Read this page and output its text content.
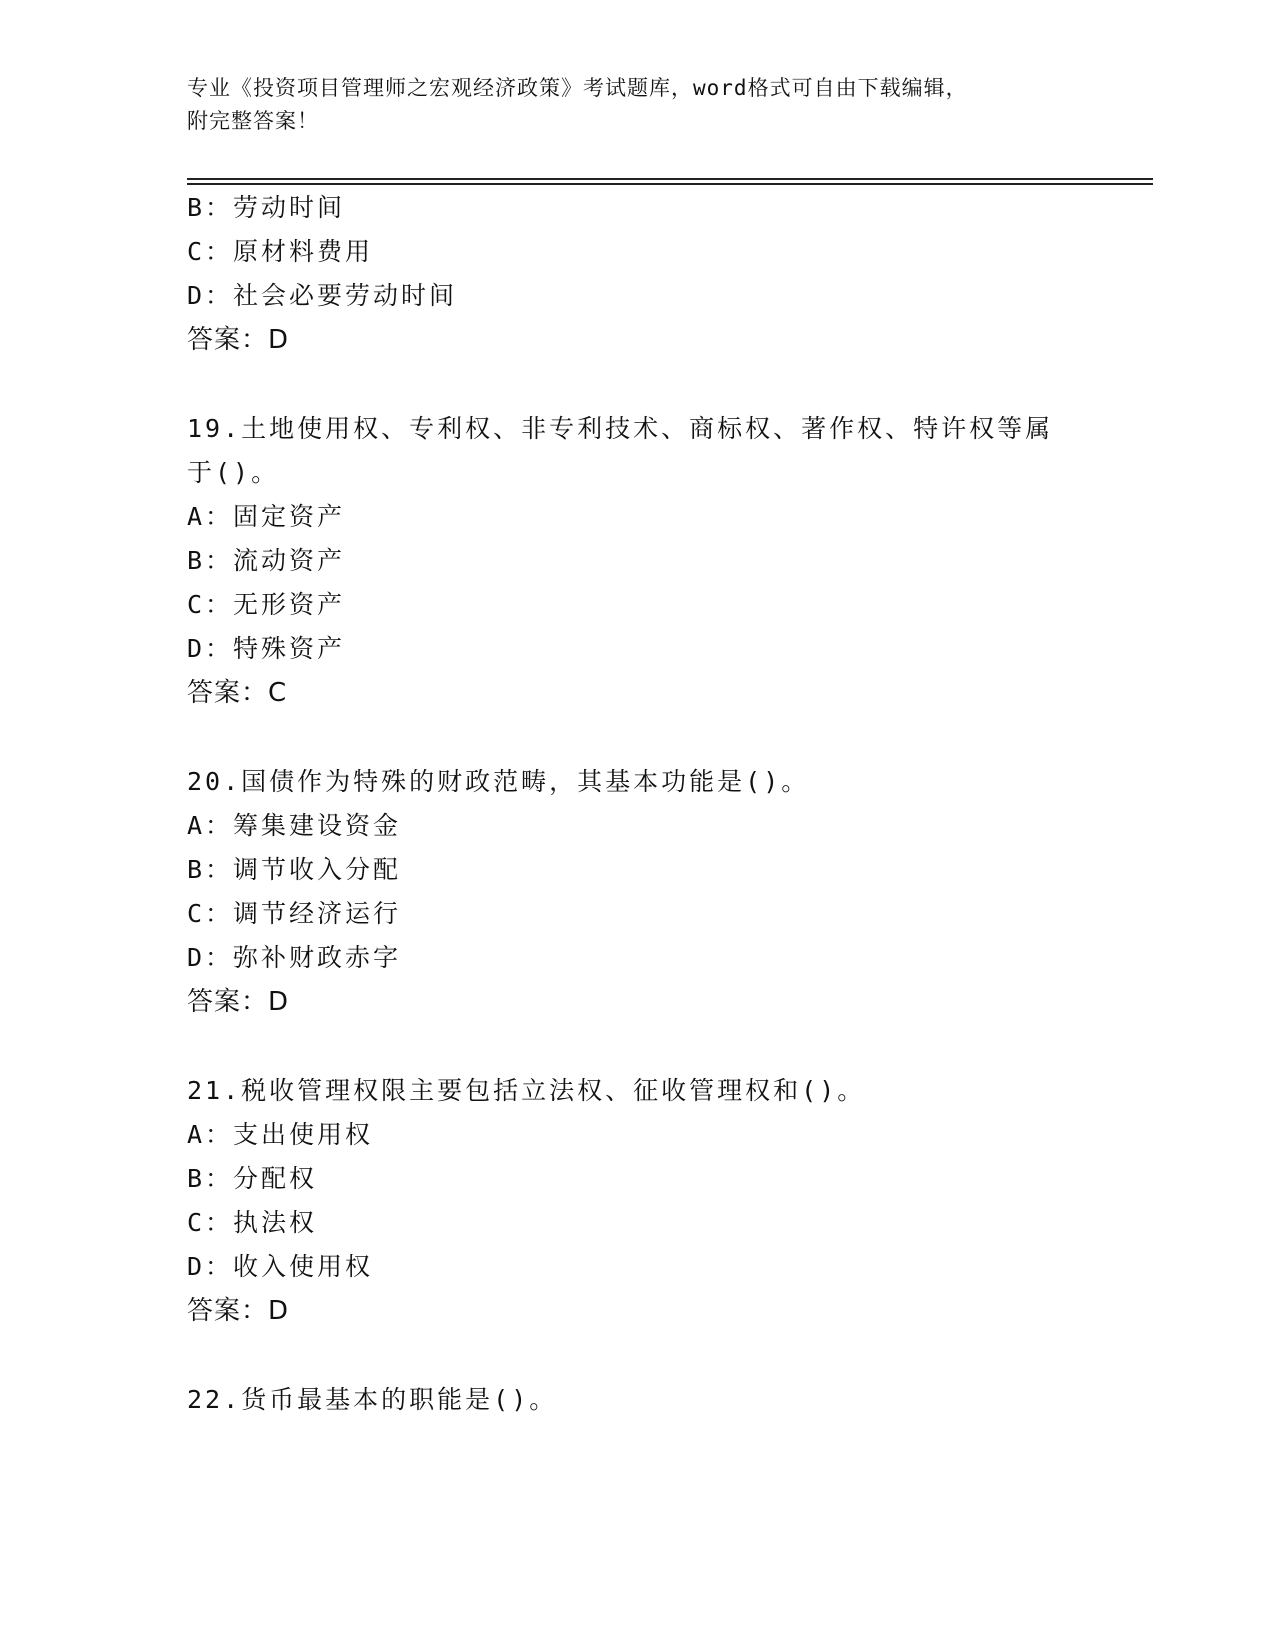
专业《投资项目管理师之宏观经济政策》考试题库，word格式可自由下载编辑，
附完整答案！
B：劳动时间
C：原材料费用
D：社会必要劳动时间
答案：D
19.土地使用权、专利权、非专利技术、商标权、著作权、特许权等属
于()。
A：固定资产
B：流动资产
C：无形资产
D：特殊资产
答案：C
20.国债作为特殊的财政范畴，其基本功能是()。
A：筹集建设资金
B：调节收入分配
C：调节经济运行
D：弥补财政赤字
答案：D
21.税收管理权限主要包括立法权、征收管理权和()。
A：支出使用权
B：分配权
C：执法权
D：收入使用权
答案：D
22.货币最基本的职能是()。
